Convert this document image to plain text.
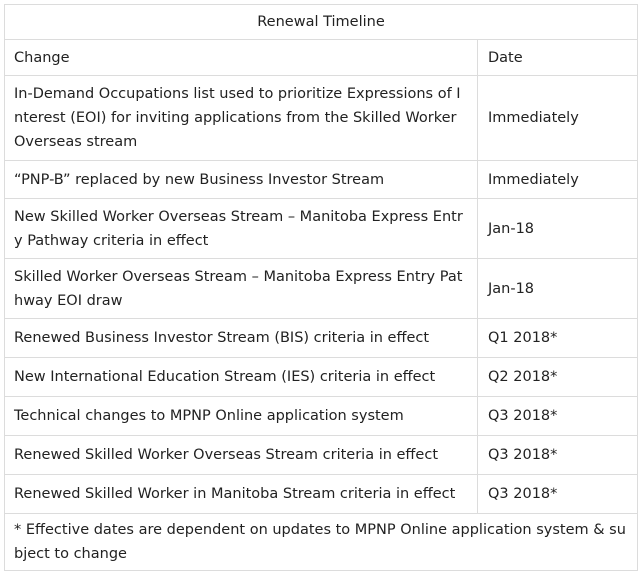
Renewal Timeline	
Change	Date
In-Demand Occupations list used to prioritize Expressions of Interest (EOI) for inviting applications from the Skilled Worker Overseas stream	Immediately
“PNP-B” replaced by new Business Investor Stream	Immediately
New Skilled Worker Overseas Stream – Manitoba Express Entry Pathway criteria in effect	Jan-18
Skilled Worker Overseas Stream – Manitoba Express Entry Pathway EOI draw	Jan-18
Renewed Business Investor Stream (BIS) criteria in effect	Q1 2018*
New International Education Stream (IES) criteria in effect	Q2 2018*
Technical changes to MPNP Online application system	Q3 2018*
Renewed Skilled Worker Overseas Stream criteria in effect	Q3 2018*
Renewed Skilled Worker in Manitoba Stream criteria in effect	Q3 2018*
* Effective dates are dependent on updates to MPNP Online application system & subject to change	
